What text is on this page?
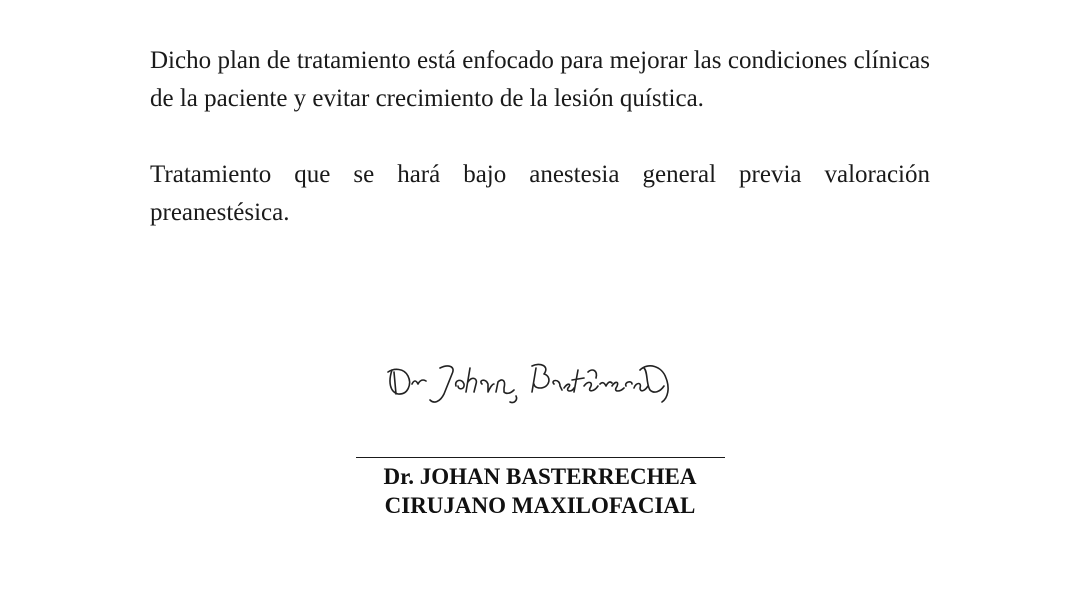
Dicho plan de tratamiento está enfocado para mejorar las condiciones clínicas de la paciente y evitar crecimiento de la lesión quística.

Tratamiento que se hará bajo anestesia general previa valoración preanestésica.

Dr. JOHAN BASTERRECHEA
CIRUJANO MAXILOFACIAL
